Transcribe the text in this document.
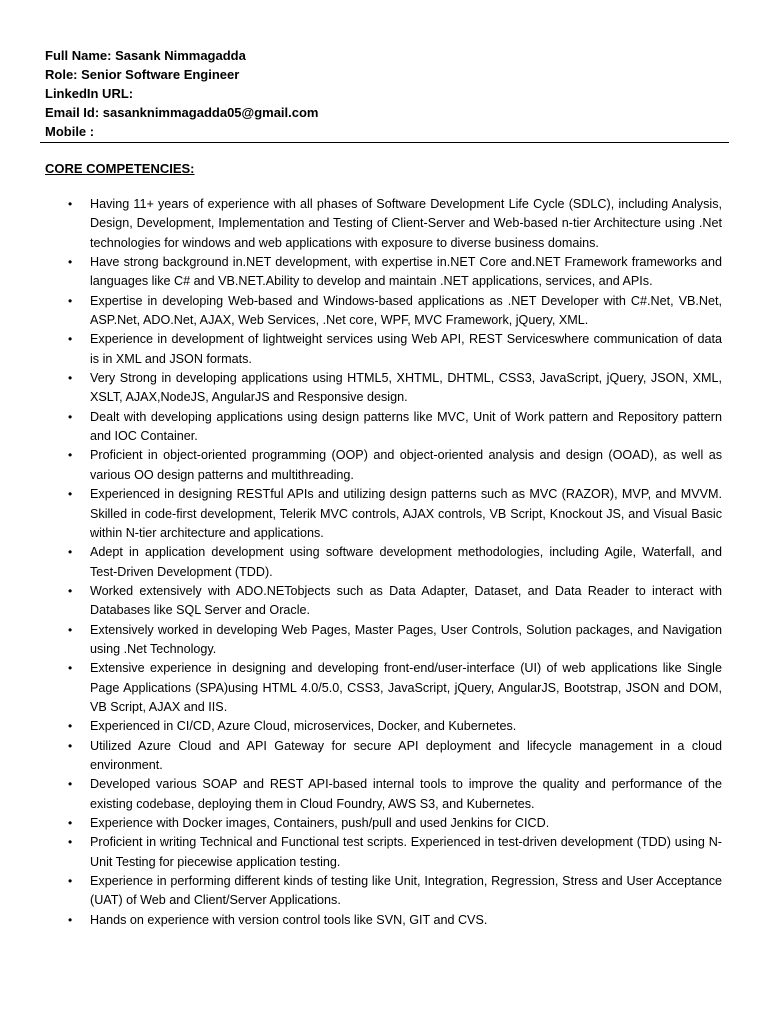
Full Name: Sasank Nimmagadda
Role: Senior Software Engineer
LinkedIn URL:
Email Id: sasanknimmagadda05@gmail.com
Mobile :
CORE COMPETENCIES:
• Having 11+ years of experience with all phases of Software Development Life Cycle (SDLC), including Analysis, Design, Development, Implementation and Testing of Client-Server and Web-based n-tier Architecture using .Net technologies for windows and web applications with exposure to diverse business domains.
• Have strong background in.NET development, with expertise in.NET Core and.NET Framework frameworks and languages like C# and VB.NET.Ability to develop and maintain .NET applications, services, and APIs.
• Expertise in developing Web-based and Windows-based applications as .NET Developer with C#.Net, VB.Net, ASP.Net, ADO.Net, AJAX, Web Services, .Net core, WPF, MVC Framework, jQuery, XML.
• Experience in development of lightweight services using Web API, REST Serviceswhere communication of data is in XML and JSON formats.
• Very Strong in developing applications using HTML5, XHTML, DHTML, CSS3, JavaScript, jQuery, JSON, XML, XSLT, AJAX,NodeJS, AngularJS and Responsive design.
• Dealt with developing applications using design patterns like MVC, Unit of Work pattern and Repository pattern and IOC Container.
• Proficient in object-oriented programming (OOP) and object-oriented analysis and design (OOAD), as well as various OO design patterns and multithreading.
• Experienced in designing RESTful APIs and utilizing design patterns such as MVC (RAZOR), MVP, and MVVM. Skilled in code-first development, Telerik MVC controls, AJAX controls, VB Script, Knockout JS, and Visual Basic within N-tier architecture and applications.
• Adept in application development using software development methodologies, including Agile, Waterfall, and Test-Driven Development (TDD).
• Worked extensively with ADO.NETobjects such as Data Adapter, Dataset, and Data Reader to interact with Databases like SQL Server and Oracle.
• Extensively worked in developing Web Pages, Master Pages, User Controls, Solution packages, and Navigation using .Net Technology.
• Extensive experience in designing and developing front-end/user-interface (UI) of web applications like Single Page Applications (SPA)using HTML 4.0/5.0, CSS3, JavaScript, jQuery, AngularJS, Bootstrap, JSON and DOM, VB Script, AJAX and IIS.
• Experienced in CI/CD, Azure Cloud, microservices, Docker, and Kubernetes.
• Utilized Azure Cloud and API Gateway for secure API deployment and lifecycle management in a cloud environment.
• Developed various SOAP and REST API-based internal tools to improve the quality and performance of the existing codebase, deploying them in Cloud Foundry, AWS S3, and Kubernetes.
• Experience with Docker images, Containers, push/pull and used Jenkins for CICD.
• Proficient in writing Technical and Functional test scripts. Experienced in test-driven development (TDD) using N-Unit Testing for piecewise application testing.
• Experience in performing different kinds of testing like Unit, Integration, Regression, Stress and User Acceptance (UAT) of Web and Client/Server Applications.
• Hands on experience with version control tools like SVN, GIT and CVS.
